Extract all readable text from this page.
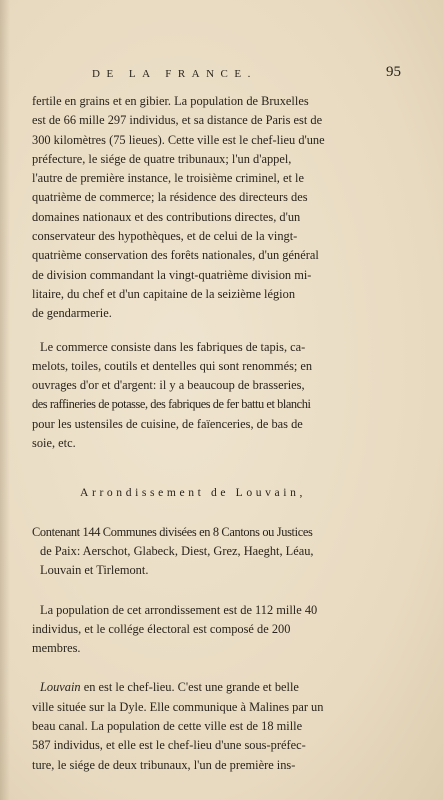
DE LA FRANCE.	95
fertile en grains et en gibier. La population de Bruxelles
est de 66 mille 297 individus, et sa distance de Paris est de
300 kilomètres (75 lieues). Cette ville est le chef-lieu d'une
préfecture, le siége de quatre tribunaux; l'un d'appel,
l'autre de première instance, le troisième criminel, et le
quatrième de commerce; la résidence des directeurs des
domaines nationaux et des contributions directes, d'un
conservateur des hypothèques, et de celui de la vingt-
quatrième conservation des forêts nationales, d'un général
de division commandant la vingt-quatrième division mi-
litaire, du chef et d'un capitaine de la seizième légion
de gendarmerie.
Le commerce consiste dans les fabriques de tapis, ca-
melots, toiles, coutils et dentelles qui sont renommés; en
ouvrages d'or et d'argent: il y a beaucoup de brasseries,
des raffineries de potasse, des fabriques de fer battu et blanchi
pour les ustensiles de cuisine, de faïenceries, de bas de
soie, etc.
Arrondissement de Louvain,
Contenant 144 Communes divisées en 8 Cantons ou Justices
de Paix: Aerschot, Glabeck, Diest, Grez, Haeght, Léau,
Louvain et Tirlemont.
La population de cet arrondissement est de 112 mille 40
individus, et le collége électoral est composé de 200
membres.
Louvain en est le chef-lieu. C'est une grande et belle
ville située sur la Dyle. Elle communique à Malines par un
beau canal. La population de cette ville est de 18 mille
587 individus, et elle est le chef-lieu d'une sous-préfec-
ture, le siége de deux tribunaux, l'un de première ins-
